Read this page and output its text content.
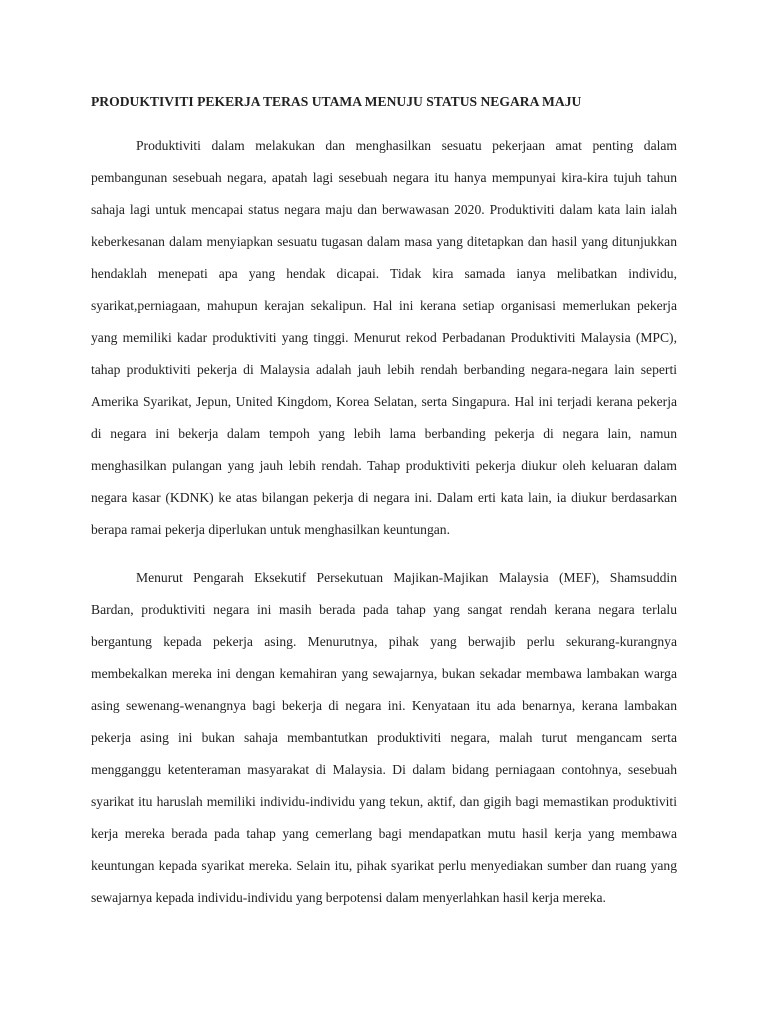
PRODUKTIVITI PEKERJA TERAS UTAMA MENUJU STATUS NEGARA MAJU

Produktiviti dalam melakukan dan menghasilkan sesuatu pekerjaan amat penting dalam

pembangunan sesebuah negara, apatah lagi sesebuah negara itu hanya mempunyai kira-kira tujuh tahun

sahaja lagi untuk mencapai status negara maju dan berwawasan 2020. Produktiviti dalam kata lain ialah

keberkesanan dalam menyiapkan sesuatu tugasan dalam masa yang ditetapkan dan hasil yang ditunjukkan

hendaklah menepati apa yang hendak dicapai. Tidak kira samada ianya melibatkan individu,

syarikat,perniagaan, mahupun kerajan sekalipun. Hal ini kerana setiap organisasi memerlukan pekerja

yang memiliki kadar produktiviti yang tinggi. Menurut rekod Perbadanan Produktiviti Malaysia (MPC),

tahap produktiviti pekerja di Malaysia adalah jauh lebih rendah berbanding negara-negara lain seperti

Amerika Syarikat, Jepun, United Kingdom, Korea Selatan, serta Singapura. Hal ini terjadi kerana pekerja

di negara ini bekerja dalam tempoh yang lebih lama berbanding pekerja di negara lain, namun

menghasilkan pulangan yang jauh lebih rendah. Tahap produktiviti pekerja diukur oleh keluaran dalam

negara kasar (KDNK) ke atas bilangan pekerja di negara ini. Dalam erti kata lain, ia diukur berdasarkan

berapa ramai pekerja diperlukan untuk menghasilkan keuntungan.

Menurut Pengarah Eksekutif Persekutuan Majikan-Majikan Malaysia (MEF), Shamsuddin

Bardan, produktiviti negara ini masih berada pada tahap yang sangat rendah kerana negara terlalu

bergantung kepada pekerja asing. Menurutnya, pihak yang berwajib perlu sekurang-kurangnya

membekalkan mereka ini dengan kemahiran yang sewajarnya, bukan sekadar membawa lambakan warga

asing sewenang-wenangnya bagi bekerja di negara ini. Kenyataan itu ada benarnya, kerana lambakan

pekerja asing ini bukan sahaja membantutkan produktiviti negara, malah turut mengancam serta

mengganggu ketenteraman masyarakat di Malaysia. Di dalam bidang perniagaan contohnya, sesebuah

syarikat itu haruslah memiliki individu-individu yang tekun, aktif, dan gigih bagi memastikan produktiviti

kerja mereka berada pada tahap yang cemerlang bagi mendapatkan mutu hasil kerja yang membawa

keuntungan kepada syarikat mereka. Selain itu, pihak syarikat perlu menyediakan sumber dan ruang yang

sewajarnya kepada individu-individu yang berpotensi dalam menyerlahkan hasil kerja mereka.
